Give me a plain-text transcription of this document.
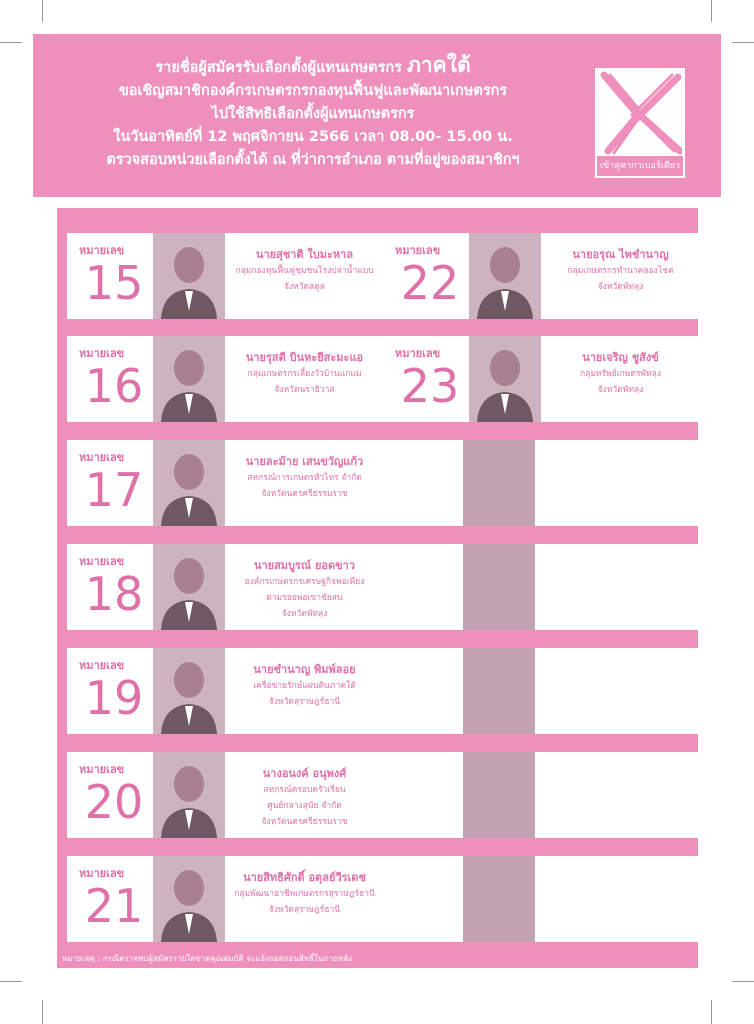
รายชื่อผู้สมัครรับเลือกตั้งผู้แทนเกษตรกร ภาคใต้
ขอเชิญสมาชิกองค์กรเกษตรกรกองทุนฟื้นฟูและพัฒนาเกษตรกร
ไปใช้สิทธิเลือกตั้งผู้แทนเกษตรกร
ในวันอาทิตย์ที่ 12 พฤศจิกายน 2566 เวลา 08.00- 15.00 น.
ตรวจสอบหน่วยเลือกตั้งได้ ณ ที่ว่าการอำเภอ ตามที่อยู่ของสมาชิกฯ	เข้าคูหากาเบอร์เดียว
หมายเลข
15
นายสุชาติ ใบมะหาล
กลุ่มกองทุนฟื้นฟูชุมชนโรงปลาน้ำแบบ
จังหวัดสตูล
หมายเลข
16
นายรุสดี บินหะยีสะมะแอ
กลุ่มเกษตรกรเลี้ยงวัวบ้านแกแม
จังหวัดนราธิวาส
หมายเลข
17
นายละม้าย เสนขวัญแก้ว
สหกรณ์การเกษตรหัวไทร จำกัด
จังหวัดนครศรีธรรมราช
หมายเลข
18
นายสมบูรณ์ ยอดขาว
องค์กรเกษตรกรเศรษฐกิจพอเพียง
ตามรอยพ่อเขาชัยสน
จังหวัดพัทลุง
หมายเลข
19
นายชำนาญ พิมพ์ลอย
เครือข่ายรักษ์แผ่นดินภาคใต้
จังหวัดสุราษฎร์ธานี
หมายเลข
20
นางอนงค์ อนุพงศ์
สหกรณ์ครอบครัวเรียน
ศูนย์กลางสุนัย จำกัด
จังหวัดนครศรีธรรมราช
หมายเลข
21
นายสิทธิศักดิ์ อตุลย์วีรเดช
กลุ่มพัฒนาอาชีพเกษตรกรสุราษฎร์ธานี
จังหวัดสุราษฎร์ธานี
หมายเลข
22
นายอรุณ ไพชำนาญ
กลุ่มเกษตรกรทำนาคลองโชค
จังหวัดพัทลุง
หมายเลข
23
นายเจริญ ชูสังข์
กลุ่มทรัพย์เกษตรพัทลุง
จังหวัดพัทลุง
หมายเหตุ : กรณีตรวจพบผู้สมัครรายใดขาดคุณสมบัติ จะแจ้งถอดถอนสิทธิ์ในภายหลัง
